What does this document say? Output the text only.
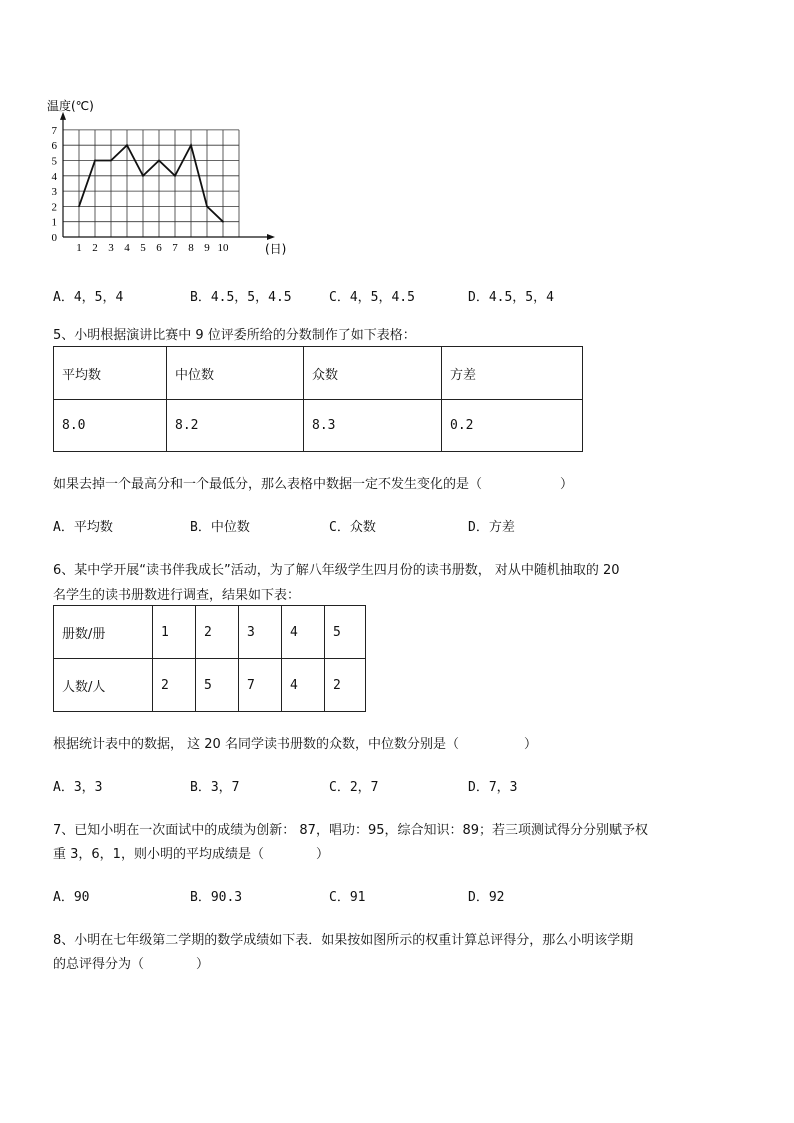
0
1
2
3
4
5
6
7
1 2 3 4 5 6 7 8 9 10
温度(℃)
(日)
A．4，5，4	B．4.5，5，4.5	C．4，5，4.5	D．4.5，5，4
5、小明根据演讲比赛中 9 位评委所给的分数制作了如下表格：
平均数	中位数	众数	方差
8.0	8.2	8.3	0.2
如果去掉一个最高分和一个最低分，那么表格中数据一定不发生变化的是（　　　　　　）
A．平均数	B．中位数	C．众数	D．方差
6、某中学开展“读书伴我成长”活动，为了解八年级学生四月份的读书册数， 对从中随机抽取的 20
名学生的读书册数进行调查，结果如下表：
册数/册	1	2	3	4	5
人数/人	2	5	7	4	2
根据统计表中的数据， 这 20 名同学读书册数的众数，中位数分别是（　　　　　）
A．3，3	B．3，7	C．2，7	D．7，3
7、已知小明在一次面试中的成绩为创新： 87，唱功：95，综合知识：89；若三项测试得分分别赋予权
重 3，6，1，则小明的平均成绩是（　　　　）
A．90	B．90.3	C．91	D．92
8、小明在七年级第二学期的数学成绩如下表．如果按如图所示的权重计算总评得分，那么小明该学期
的总评得分为（　　　　）
